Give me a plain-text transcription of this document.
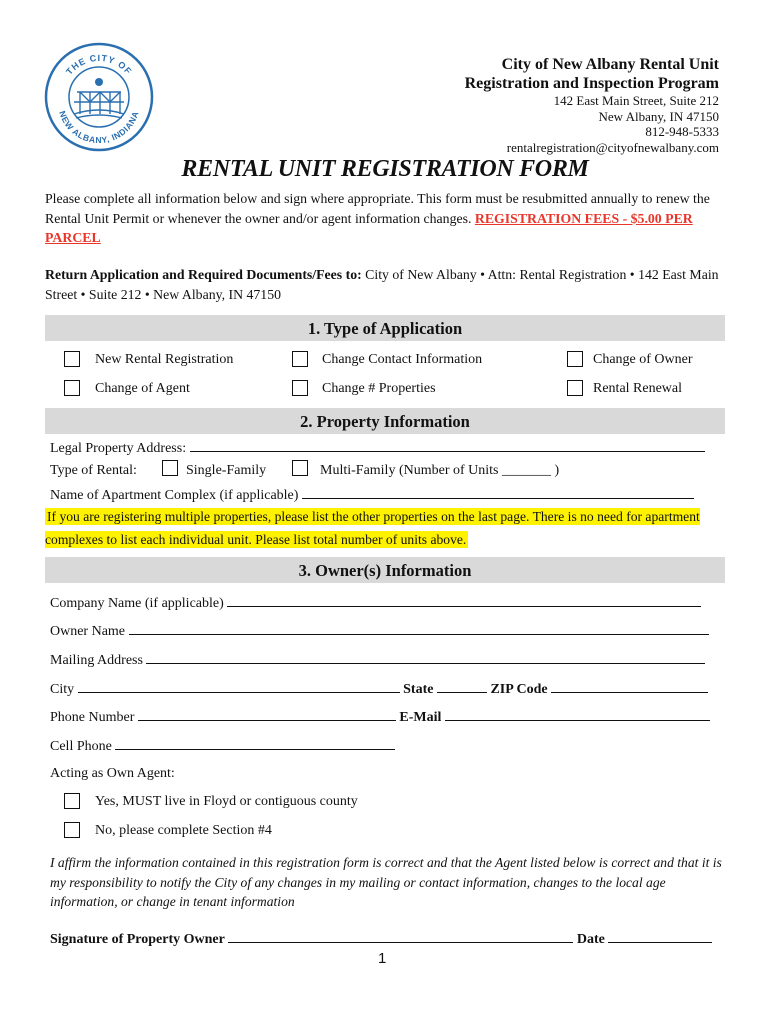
THE CITY OF
NEW ALBANY, INDIANA
City of New Albany Rental Unit
Registration and Inspection Program
142 East Main Street, Suite 212
New Albany, IN 47150
812-948-5333
rentalregistration@cityofnewalbany.com
RENTAL UNIT REGISTRATION FORM
Please complete all information below and sign where appropriate. This form must be resubmitted annually to renew the Rental Unit Permit or whenever the owner and/or agent information changes. REGISTRATION FEES - $5.00 PER PARCEL
Return Application and Required Documents/Fees to: City of New Albany • Attn: Rental Registration • 142 East Main Street • Suite 212 • New Albany, IN 47150
1. Type of Application
New Rental Registration	Change Contact Information	Change of Owner
Change of Agent	Change # Properties	Rental Renewal
2. Property Information
Legal Property Address:
Type of Rental:	Single-Family	Multi-Family (Number of Units _______ )
Name of Apartment Complex (if applicable)
If you are registering multiple properties, please list the other properties on the last page. There is no need for apartment complexes to list each individual unit. Please list total number of units above.
3. Owner(s) Information
Company Name (if applicable)
Owner Name
Mailing Address
City	State	ZIP Code
Phone Number	E-Mail
Cell Phone
Acting as Own Agent:
Yes, MUST live in Floyd or contiguous county
No, please complete Section #4
I affirm the information contained in this registration form is correct and that the Agent listed below is correct and that it is my responsibility to notify the City of any changes in my mailing or contact information, changes to the local age information, or change in tenant information
Signature of Property Owner	Date
1
